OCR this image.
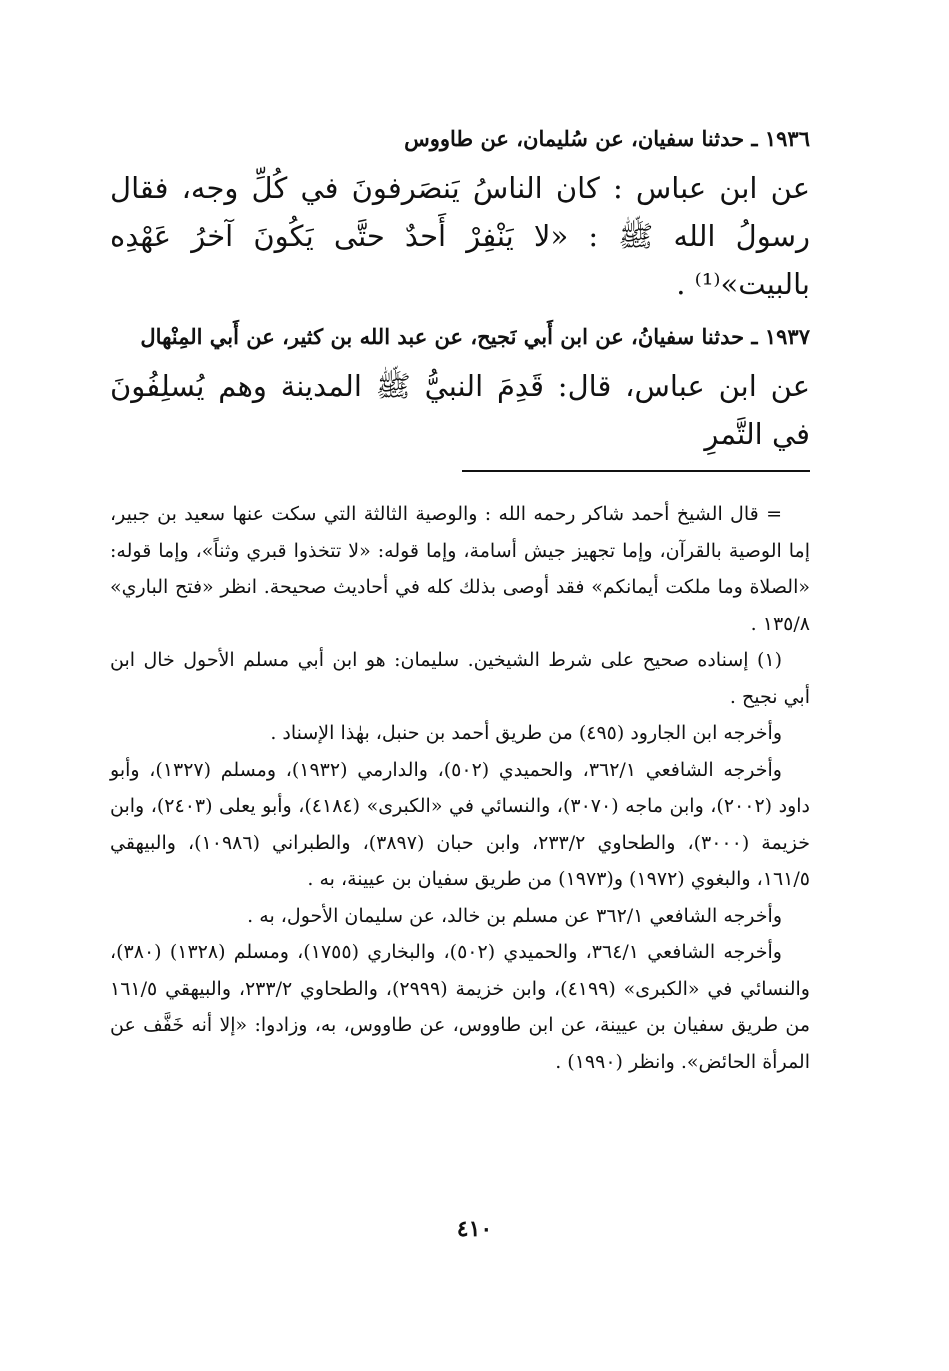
١٩٣٦ ـ حدثنا سفيان، عن سُليمان، عن طاووس

عن ابن عباس : كان الناسُ يَنصَرفونَ في كُلِّ وجه، فقال رسولُ الله ﷺ : «لا يَنْفِرْ أَحدٌ حتَّى يَكُونَ آخرُ عَهْدِه بالبيت»⁽¹⁾ .

١٩٣٧ ـ حدثنا سفيانُ، عن ابن أَبي نَجيح، عن عبد الله بن كثير، عن أَبي المِنْهال

عن ابن عباس، قال: قَدِمَ النبيُّ ﷺ المدينة وهم يُسلِفُونَ في التَّمرِ

= قال الشيخ أحمد شاكر رحمه الله : والوصية الثالثة التي سكت عنها سعيد بن جبير، إما الوصية بالقرآن، وإما تجهيز جيش أسامة، وإما قوله: «لا تتخذوا قبري وثناً»، وإما قوله: «الصلاة وما ملكت أيمانكم» فقد أوصى بذلك كله في أحاديث صحيحة. انظر «فتح الباري» ١٣٥/٨ .

(١) إسناده صحيح على شرط الشيخين. سليمان: هو ابن أبي مسلم الأحول خال ابن أبي نجيح .

وأخرجه ابن الجارود (٤٩٥) من طريق أحمد بن حنبل، بهٰذا الإسناد .

وأخرجه الشافعي ٣٦٢/١، والحميدي (٥٠٢)، والدارمي (١٩٣٢)، ومسلم (١٣٢٧)، وأبو داود (٢٠٠٢)، وابن ماجه (٣٠٧٠)، والنسائي في «الكبرى» (٤١٨٤)، وأبو يعلى (٢٤٠٣)، وابن خزيمة (٣٠٠٠)، والطحاوي ٢٣٣/٢، وابن حبان (٣٨٩٧)، والطبراني (١٠٩٨٦)، والبيهقي ١٦١/٥، والبغوي (١٩٧٢) و(١٩٧٣) من طريق سفيان بن عيينة، به .

وأخرجه الشافعي ٣٦٢/١ عن مسلم بن خالد، عن سليمان الأحول، به .

وأخرجه الشافعي ٣٦٤/١، والحميدي (٥٠٢)، والبخاري (١٧٥٥)، ومسلم (١٣٢٨) (٣٨٠)، والنسائي في «الكبرى» (٤١٩٩)، وابن خزيمة (٢٩٩٩)، والطحاوي ٢٣٣/٢، والبيهقي ١٦١/٥ من طريق سفيان بن عيينة، عن ابن طاووس، عن طاووس، به، وزادوا: «إلا أنه خَفَّف عن المرأة الحائض». وانظر (١٩٩٠) .

٤١٠
